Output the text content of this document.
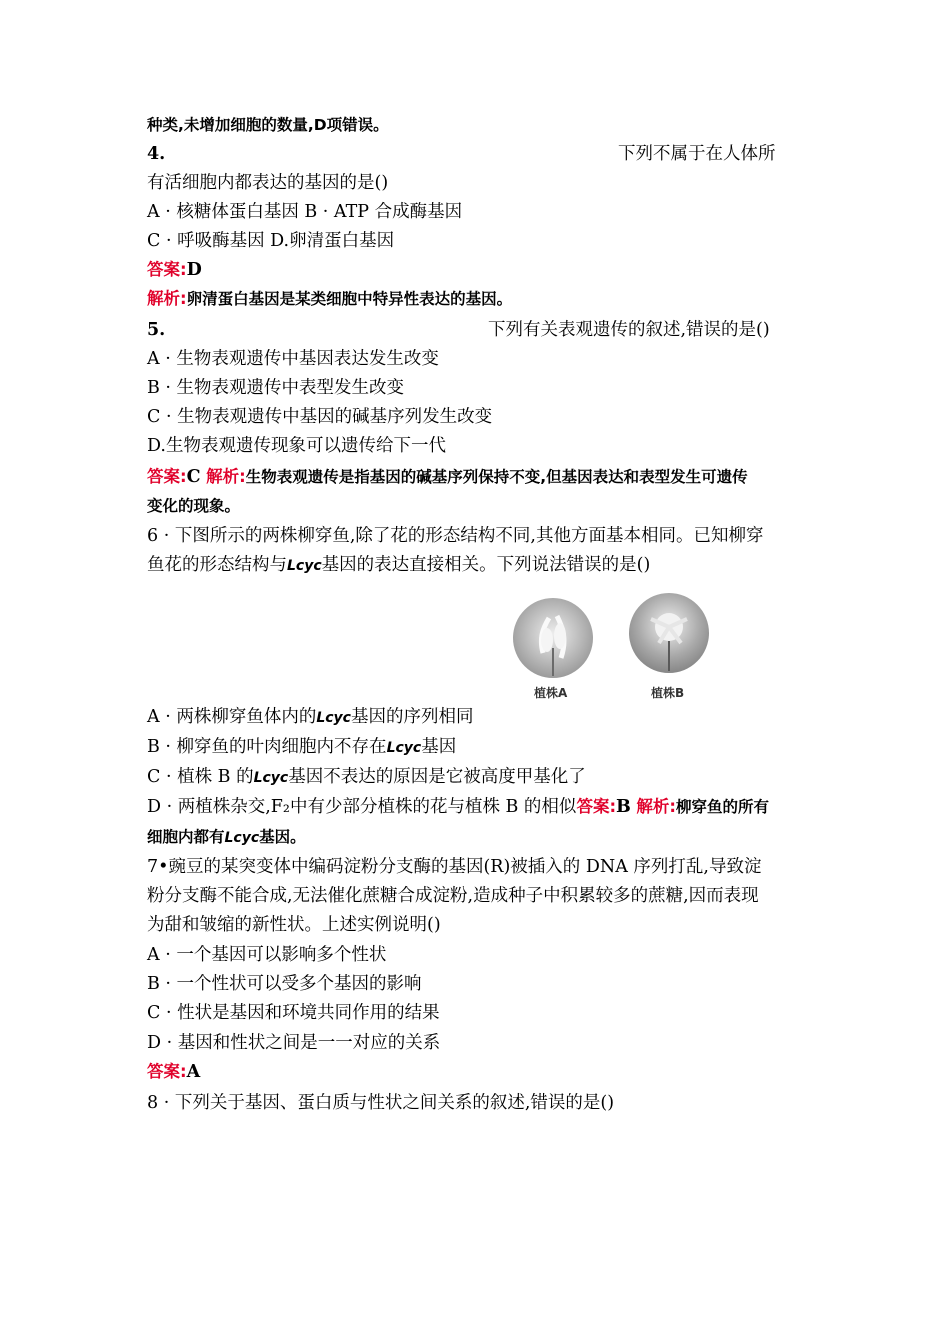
种类,未增加细胞的数量,D项错误。
4.	下列不属于在人体所
有活细胞内都表达的基因的是()
A · 核糖体蛋白基因 B · ATP 合成酶基因
C · 呼吸酶基因 D.卵清蛋白基因
答案:D
解析:卵清蛋白基因是某类细胞中特异性表达的基因。
5.	下列有关表观遗传的叙述,错误的是()
A · 生物表观遗传中基因表达发生改变
B · 生物表观遗传中表型发生改变
C · 生物表观遗传中基因的碱基序列发生改变
D.生物表观遗传现象可以遗传给下一代
答案:C 解析:生物表观遗传是指基因的碱基序列保持不变,但基因表达和表型发生可遗传
变化的现象。
6 · 下图所示的两株柳穿鱼,除了花的形态结构不同,其他方面基本相同。已知柳穿
鱼花的形态结构与Lcyc基因的表达直接相关。下列说法错误的是()
植株A	植株B
A · 两株柳穿鱼体内的Lcyc基因的序列相同
B · 柳穿鱼的叶肉细胞内不存在Lcyc基因
C · 植株 B 的Lcyc基因不表达的原因是它被高度甲基化了
D · 两植株杂交,F₂中有少部分植株的花与植株 B 的相似答案:B 解析:柳穿鱼的所有
细胞内都有Lcyc基因。
7•豌豆的某突变体中编码淀粉分支酶的基因(R)被插入的 DNA 序列打乱,导致淀
粉分支酶不能合成,无法催化蔗糖合成淀粉,造成种子中积累较多的蔗糖,因而表现
为甜和皱缩的新性状。上述实例说明()
A · 一个基因可以影响多个性状
B · 一个性状可以受多个基因的影响
C · 性状是基因和环境共同作用的结果
D · 基因和性状之间是一一对应的关系
答案:A
8 · 下列关于基因、蛋白质与性状之间关系的叙述,错误的是()
